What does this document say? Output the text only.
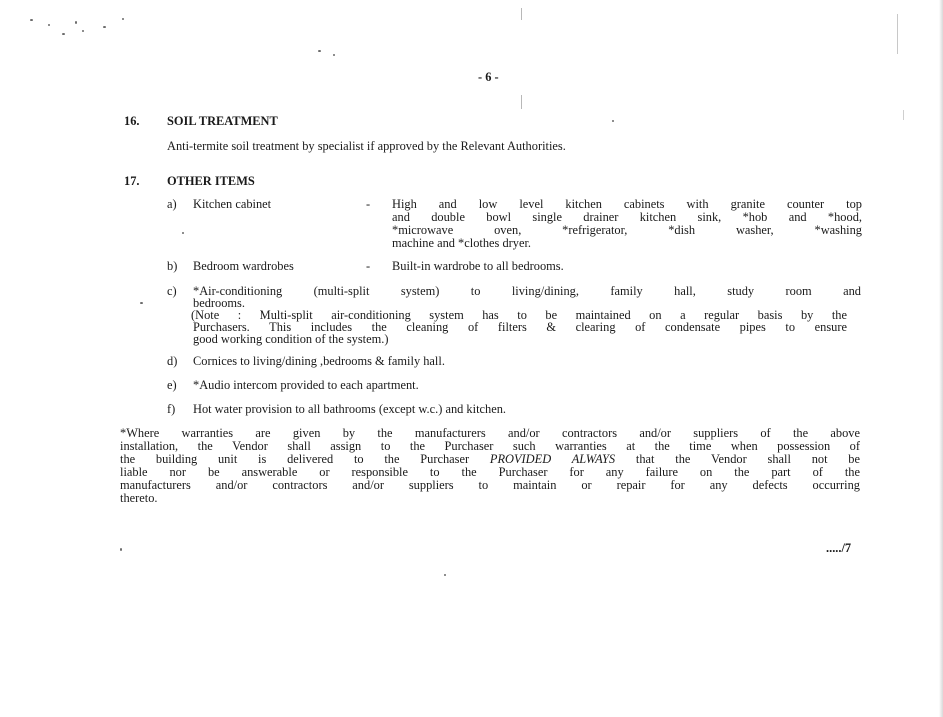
- 6 -
16. SOIL TREATMENT
Anti-termite soil treatment by specialist if approved by the Relevant Authorities.
17. OTHER ITEMS
a) Kitchen cabinet	- High and low level kitchen cabinets with granite counter top
and double bowl single drainer kitchen sink, *hob and *hood,
*microwave oven, *refrigerator, *dish washer, *washing
machine and *clothes dryer.
b) Bedroom wardrobes	- Built-in wardrobe to all bedrooms.
c) *Air-conditioning (multi-split system) to living/dining, family hall, study room and
bedrooms.
(Note : Multi-split air-conditioning system has to be maintained on a regular basis by the
Purchasers. This includes the cleaning of filters & clearing of condensate pipes to ensure
good working condition of the system.)
d) Cornices to living/dining ,bedrooms & family hall.
e) *Audio intercom provided to each apartment.
f) Hot water provision to all bathrooms (except w.c.) and kitchen.
*Where warranties are given by the manufacturers and/or contractors and/or suppliers of the above
installation, the Vendor shall assign to the Purchaser such warranties at the time when possession of
the building unit is delivered to the Purchaser PROVIDED ALWAYS that the Vendor shall not be
liable nor be answerable or responsible to the Purchaser for any failure on the part of the
manufacturers and/or contractors and/or suppliers to maintain or repair for any defects occurring
thereto.
...../7
